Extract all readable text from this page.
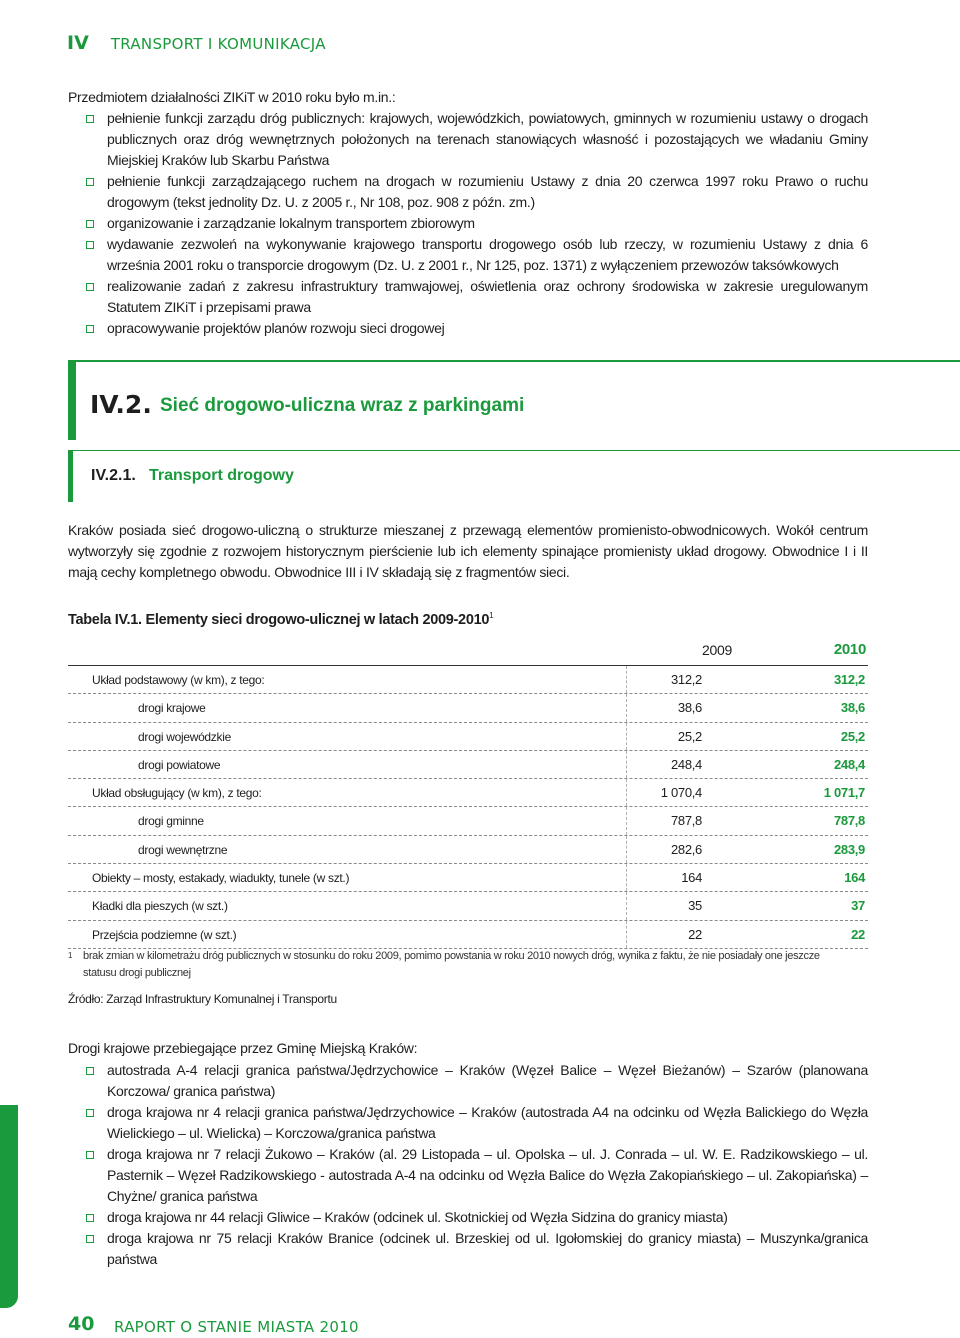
IV TRANSPORT I KOMUNIKACJA
Przedmiotem działalności ZIKiT w 2010 roku było m.in.:
pełnienie funkcji zarządu dróg publicznych: krajowych, wojewódzkich, powiatowych, gminnych w rozumieniu ustawy o drogach publicznych oraz dróg wewnętrznych położonych na terenach stanowiących własność i pozostających we władaniu Gminy Miejskiej Kraków lub Skarbu Państwa
pełnienie funkcji zarządzającego ruchem na drogach w rozumieniu Ustawy z dnia 20 czerwca 1997 roku Prawo o ruchu drogowym (tekst jednolity Dz. U. z 2005 r., Nr 108, poz. 908 z późn. zm.)
organizowanie i zarządzanie lokalnym transportem zbiorowym
wydawanie zezwoleń na wykonywanie krajowego transportu drogowego osób lub rzeczy, w rozumieniu Ustawy z dnia 6 września 2001 roku o transporcie drogowym (Dz. U. z 2001 r., Nr 125, poz. 1371) z wyłączeniem przewozów taksówkowych
realizowanie zadań z zakresu infrastruktury tramwajowej, oświetlenia oraz ochrony środowiska w zakresie uregulowanym Statutem ZIKiT i przepisami prawa
opracowywanie projektów planów rozwoju sieci drogowej
IV.2. Sieć drogowo-uliczna wraz z parkingami
IV.2.1. Transport drogowy
Kraków posiada sieć drogowo-uliczną o strukturze mieszanej z przewagą elementów promienisto-obwodnicowych. Wokół centrum wytworzyły się zgodnie z rozwojem historycznym pierścienie lub ich elementy spinające promienisty układ drogowy. Obwodnice I i II mają cechy kompletnego obwodu. Obwodnice III i IV składają się z fragmentów sieci.
Tabela IV.1. Elementy sieci drogowo-ulicznej w latach 2009-2010$^1$
2009	2010
Układ podstawowy (w km), z tego:	312,2	312,2
drogi krajowe	38,6	38,6
drogi wojewódzkie	25,2	25,2
drogi powiatowe	248,4	248,4
Układ obsługujący (w km), z tego:	1 070,4	1 071,7
drogi gminne	787,8	787,8
drogi wewnętrzne	282,6	283,9
Obiekty – mosty, estakady, wiadukty, tunele (w szt.)	164	164
Kładki dla pieszych (w szt.)	35	37
Przejścia podziemne (w szt.)	22	22
1 brak zmian w kilometrażu dróg publicznych w stosunku do roku 2009, pomimo powstania w roku 2010 nowych dróg, wynika z faktu, że nie posiadały one jeszcze statusu drogi publicznej
Źródło: Zarząd Infrastruktury Komunalnej i Transportu
Drogi krajowe przebiegające przez Gminę Miejską Kraków:
autostrada A-4 relacji granica państwa/Jędrzychowice – Kraków (Węzeł Balice – Węzeł Bieżanów) – Szarów (planowana Korczowa/ granica państwa)
droga krajowa nr 4 relacji granica państwa/Jędrzychowice – Kraków (autostrada A4 na odcinku od Węzła Balickiego do Węzła Wielickiego – ul. Wielicka) – Korczowa/granica państwa
droga krajowa nr 7 relacji Żukowo – Kraków (al. 29 Listopada – ul. Opolska – ul. J. Conrada – ul. W. E. Radzikowskiego – ul. Pasternik – Węzeł Radzikowskiego - autostrada A-4 na odcinku od Węzła Balice do Węzła Zakopiańskiego – ul. Zakopiańska) – Chyżne/ granica państwa
droga krajowa nr 44 relacji Gliwice – Kraków (odcinek ul. Skotnickiej od Węzła Sidzina do granicy miasta)
droga krajowa nr 75 relacji Kraków Branice (odcinek ul. Brzeskiej od ul. Igołomskiej do granicy miasta) – Muszynka/granica państwa
40 RAPORT O STANIE MIASTA 2010
